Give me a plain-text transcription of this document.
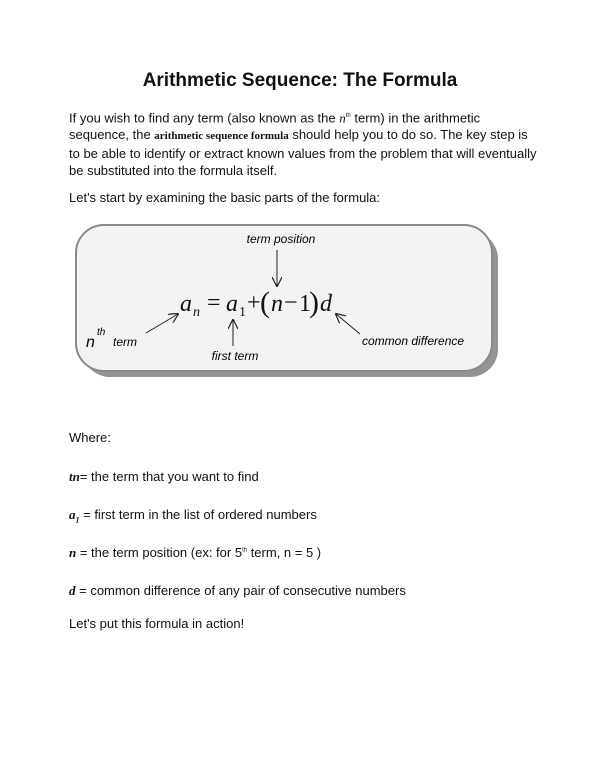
Arithmetic Sequence: The Formula
If you wish to find any term (also known as the $n^{th}$ term) in the arithmetic sequence, the arithmetic sequence formula should help you to do so. The key step is to be able to identify or extract known values from the problem that will eventually be substituted into the formula itself.
Let's start by examining the basic parts of the formula:
term position
first term
common difference
n
th
term
a n = a 1 + ( n − 1
) d
Where:
tn= the term that you want to find
$a_1$ = first term in the list of ordered numbers
n = the term position (ex: for 5th term, n = 5 )
d = common difference of any pair of consecutive numbers
Let's put this formula in action!
